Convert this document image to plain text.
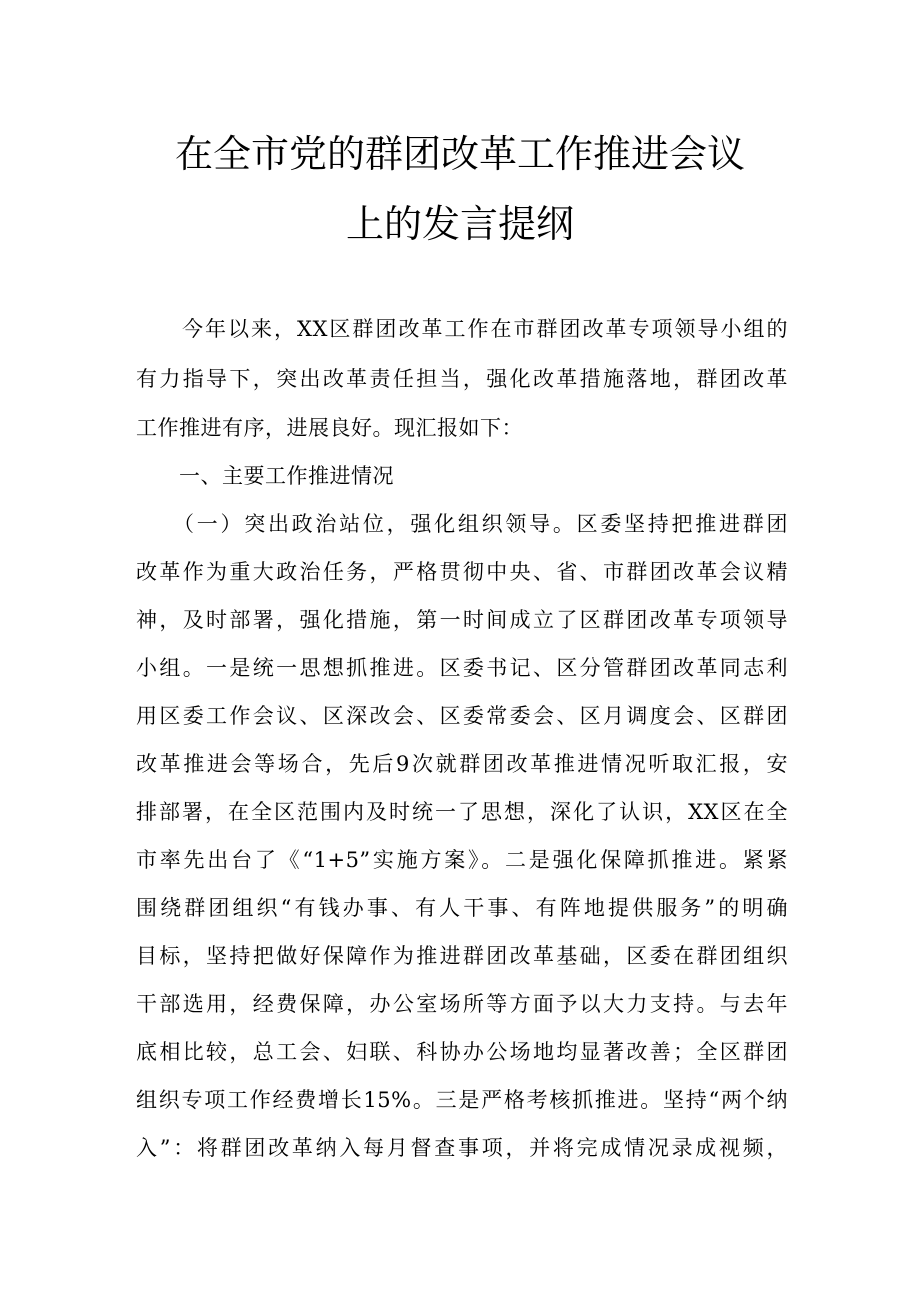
在全市党的群团改革工作推进会议
上的发言提纲
　　今年以来，XX区群团改革工作在市群团改革专项领导小组的
有力指导下，突出改革责任担当，强化改革措施落地，群团改革
工作推进有序，进展良好。现汇报如下：
　　一、主要工作推进情况
　　（一）突出政治站位，强化组织领导。区委坚持把推进群团
改革作为重大政治任务，严格贯彻中央、省、市群团改革会议精
神，及时部署，强化措施，第一时间成立了区群团改革专项领导
小组。一是统一思想抓推进。区委书记、区分管群团改革同志利
用区委工作会议、区深改会、区委常委会、区月调度会、区群团
改革推进会等场合，先后9次就群团改革推进情况听取汇报，安
排部署，在全区范围内及时统一了思想，深化了认识，XX区在全
市率先出台了《“1+5”实施方案》。二是强化保障抓推进。紧紧
围绕群团组织“有钱办事、有人干事、有阵地提供服务”的明确
目标，坚持把做好保障作为推进群团改革基础，区委在群团组织
干部选用，经费保障，办公室场所等方面予以大力支持。与去年
底相比较，总工会、妇联、科协办公场地均显著改善；全区群团
组织专项工作经费增长15%。三是严格考核抓推进。坚持“两个纳
入”：将群团改革纳入每月督查事项，并将完成情况录成视频，
